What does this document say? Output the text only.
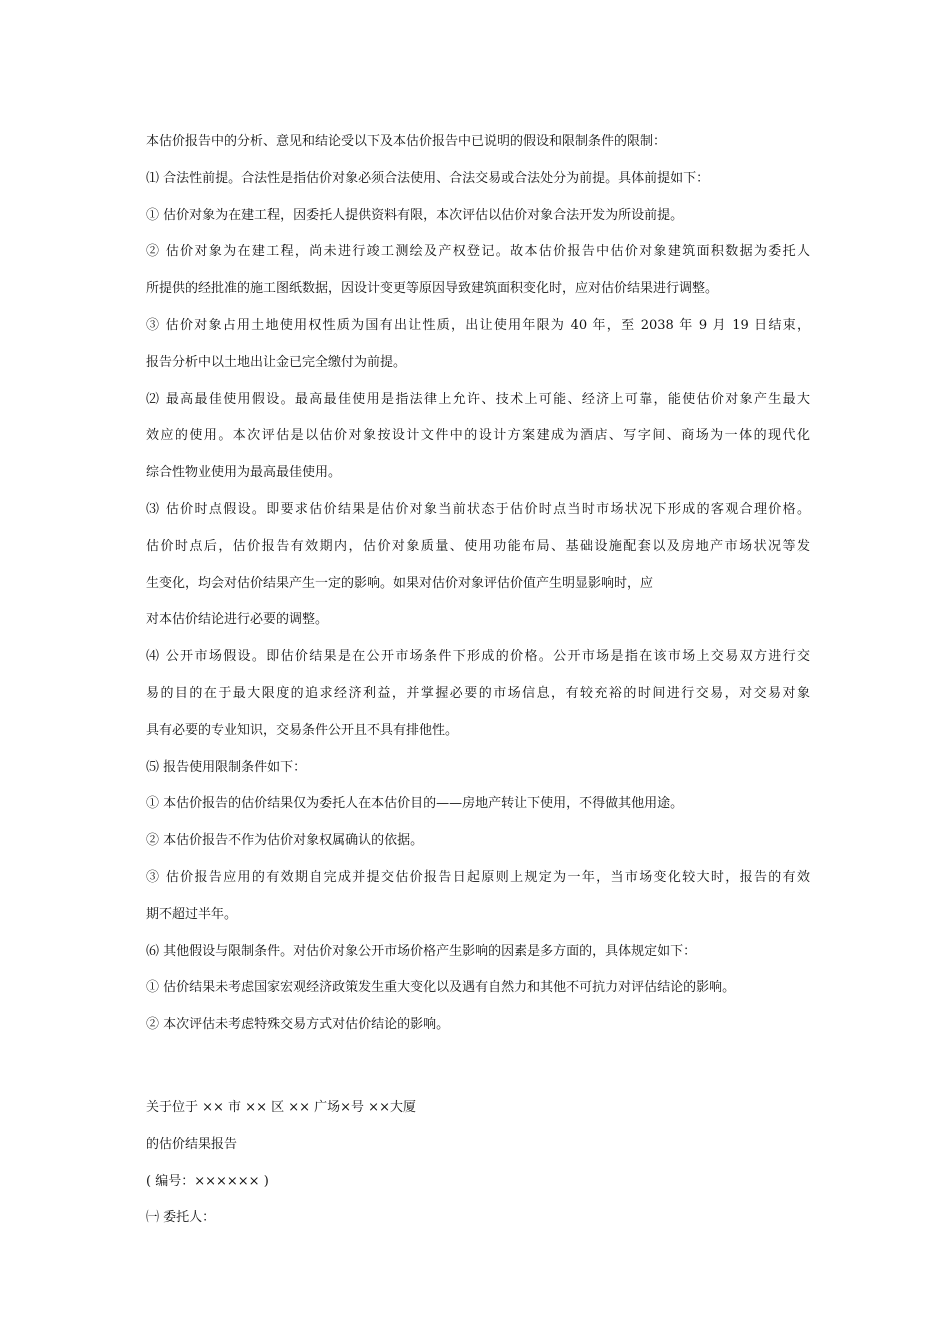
本估价报告中的分析、意见和结论受以下及本估价报告中已说明的假设和限制条件的限制：

⑴ 合法性前提。合法性是指估价对象必须合法使用、合法交易或合法处分为前提。具体前提如下：

① 估价对象为在建工程，因委托人提供资料有限，本次评估以估价对象合法开发为所设前提。

② 估价对象为在建工程，尚未进行竣工测绘及产权登记。故本估价报告中估价对象建筑面积数据为委托人

所提供的经批准的施工图纸数据，因设计变更等原因导致建筑面积变化时，应对估价结果进行调整。

③ 估价对象占用土地使用权性质为国有出让性质，出让使用年限为 40 年，至 2038 年 9 月 19 日结束，

报告分析中以土地出让金已完全缴付为前提。

⑵ 最高最佳使用假设。最高最佳使用是指法律上允许、技术上可能、经济上可靠，能使估价对象产生最大

效应的使用。本次评估是以估价对象按设计文件中的设计方案建成为酒店、写字间、商场为一体的现代化

综合性物业使用为最高最佳使用。

⑶ 估价时点假设。即要求估价结果是估价对象当前状态于估价时点当时市场状况下形成的客观合理价格。

估价时点后，估价报告有效期内，估价对象质量、使用功能布局、基础设施配套以及房地产市场状况等发

生变化，均会对估价结果产生一定的影响。如果对估价对象评估价值产生明显影响时，应

对本估价结论进行必要的调整。

⑷ 公开市场假设。即估价结果是在公开市场条件下形成的价格。公开市场是指在该市场上交易双方进行交

易的目的在于最大限度的追求经济利益，并掌握必要的市场信息，有较充裕的时间进行交易，对交易对象

具有必要的专业知识，交易条件公开且不具有排他性。

⑸ 报告使用限制条件如下：

① 本估价报告的估价结果仅为委托人在本估价目的——房地产转让下使用，不得做其他用途。

② 本估价报告不作为估价对象权属确认的依据。

③ 估价报告应用的有效期自完成并提交估价报告日起原则上规定为一年，当市场变化较大时，报告的有效

期不超过半年。

⑹ 其他假设与限制条件。对估价对象公开市场价格产生影响的因素是多方面的，具体规定如下：

① 估价结果未考虑国家宏观经济政策发生重大变化以及遇有自然力和其他不可抗力对评估结论的影响。

② 本次评估未考虑特殊交易方式对估价结论的影响。

关于位于 ×× 市 ×× 区 ×× 广场×号 ××大厦

的估价结果报告

( 编号：×××××× )

㈠ 委托人：
